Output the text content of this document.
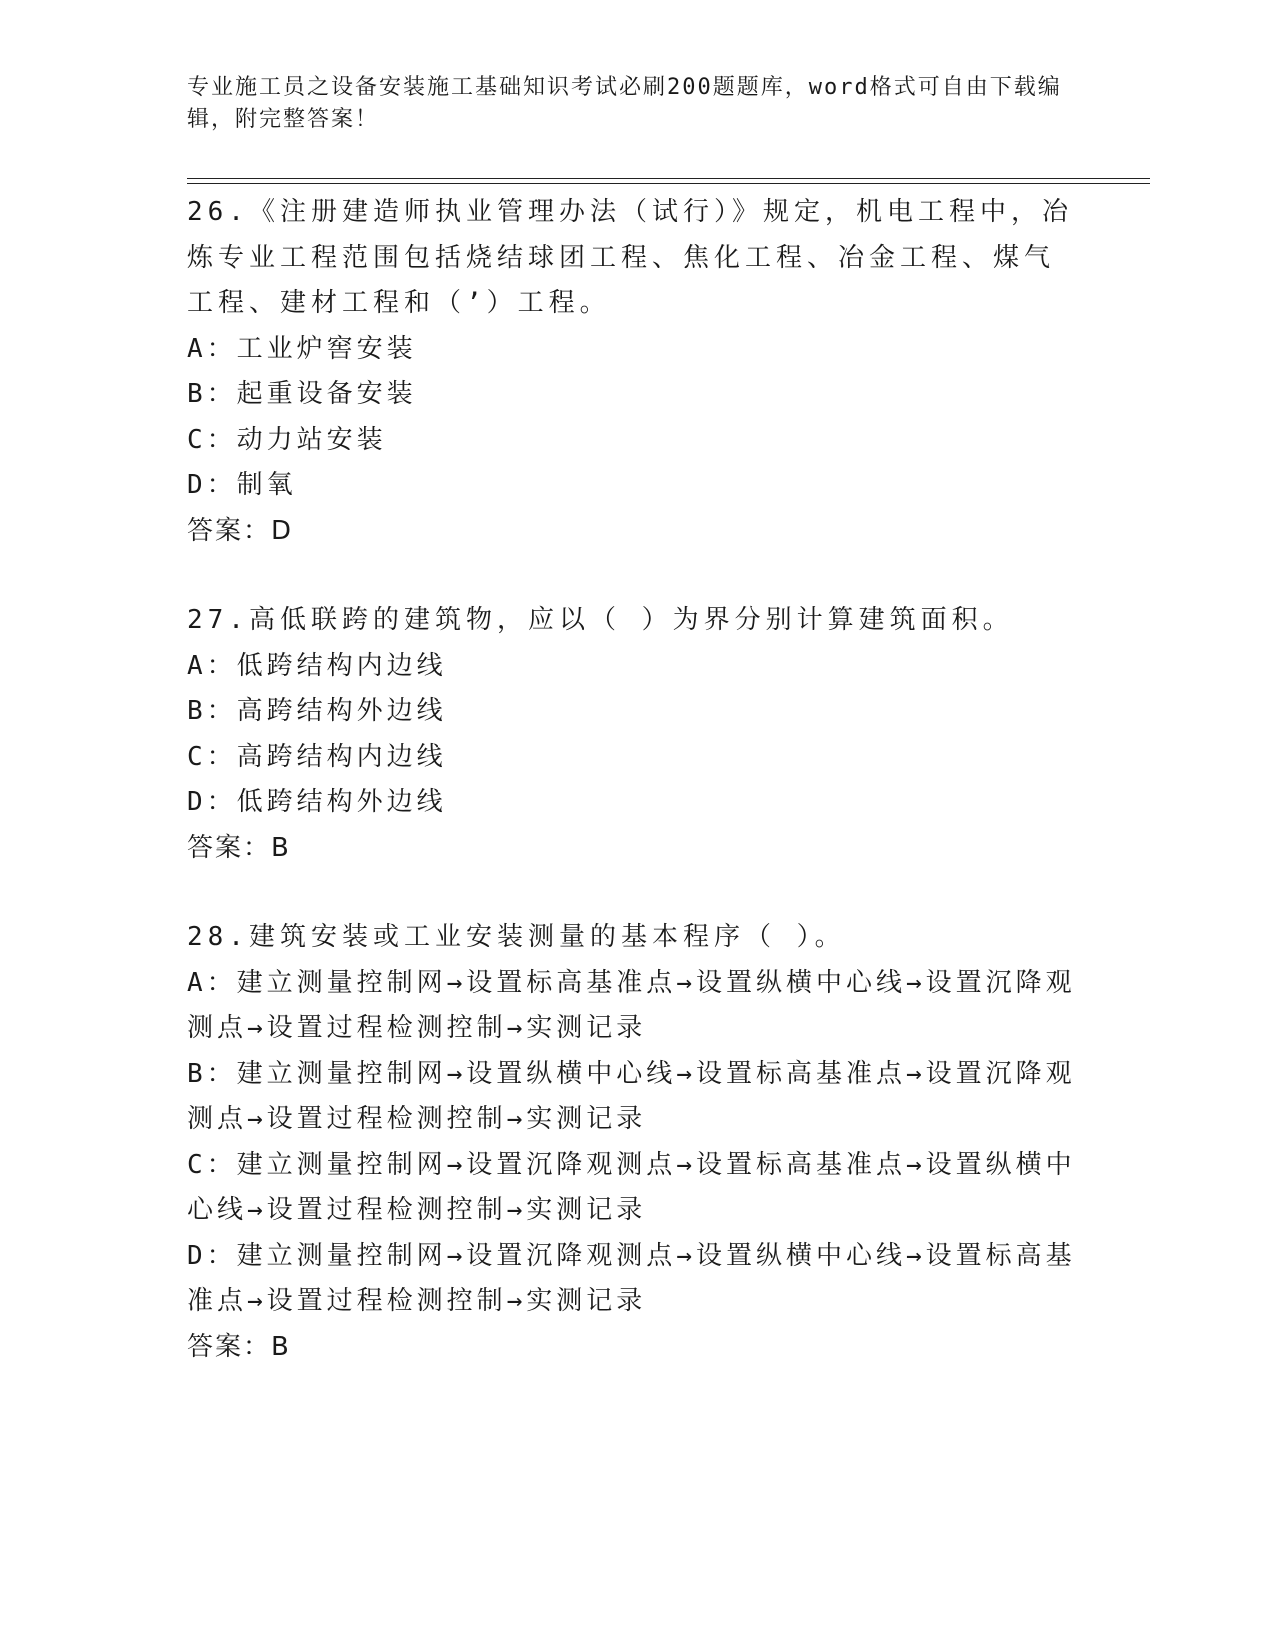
专业施工员之设备安装施工基础知识考试必刷200题题库，word格式可自由下载编辑，附完整答案！
26.《注册建造师执业管理办法（试行）》规定，机电工程中，冶炼专业工程范围包括烧结球团工程、焦化工程、冶金工程、煤气工程、建材工程和（’）工程。
A：工业炉窖安装
B：起重设备安装
C：动力站安装
D：制氧
答案：D
27.高低联跨的建筑物，应以（ ）为界分别计算建筑面积。
A：低跨结构内边线
B：高跨结构外边线
C：高跨结构内边线
D：低跨结构外边线
答案：B
28.建筑安装或工业安装测量的基本程序（ ）。
A：建立测量控制网→设置标高基准点→设置纵横中心线→设置沉降观测点→设置过程检测控制→实测记录
B：建立测量控制网→设置纵横中心线→设置标高基准点→设置沉降观测点→设置过程检测控制→实测记录
C：建立测量控制网→设置沉降观测点→设置标高基准点→设置纵横中心线→设置过程检测控制→实测记录
D：建立测量控制网→设置沉降观测点→设置纵横中心线→设置标高基准点→设置过程检测控制→实测记录
答案：B
